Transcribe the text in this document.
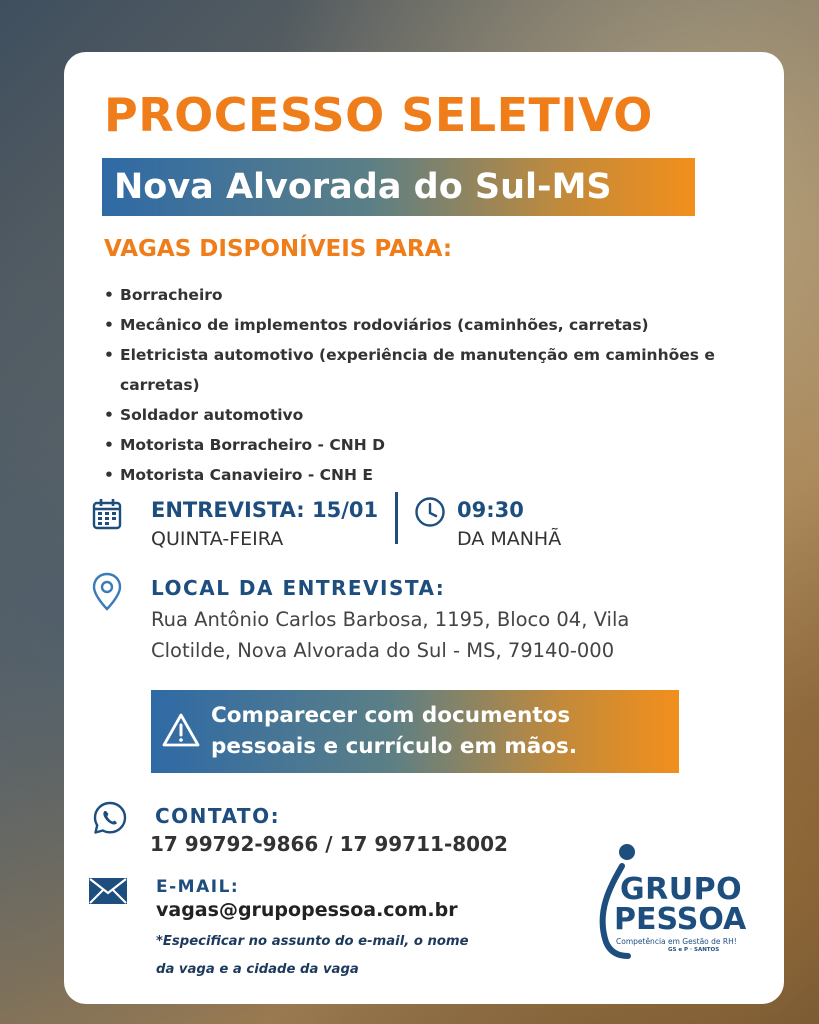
PROCESSO SELETIVO
Nova Alvorada do Sul-MS
VAGAS DISPONÍVEIS PARA:
• Borracheiro
• Mecânico de implementos rodoviários (caminhões, carretas)
• Eletricista automotivo (experiência de manutenção em caminhões e carretas)
• Soldador automotivo
• Motorista Borracheiro - CNH D
• Motorista Canavieiro - CNH E
ENTREVISTA: 15/01
QUINTA-FEIRA
09:30
DA MANHÃ
LOCAL DA ENTREVISTA:

Rua Antônio Carlos Barbosa, 1195, Bloco 04, Vila Clotilde, Nova Alvorada do Sul - MS, 79140-000

Comparecer com documentos pessoais e currículo em mãos.

CONTATO:
17 99792-9866 / 17 99711-8002
E-MAIL:
vagas@grupopessoa.com.br

*Especificar no assunto do e-mail, o nome da vaga e a cidade da vaga

GRUPO
PESSOA
Competência em Gestão de RH!
GS e P · SANTOS
